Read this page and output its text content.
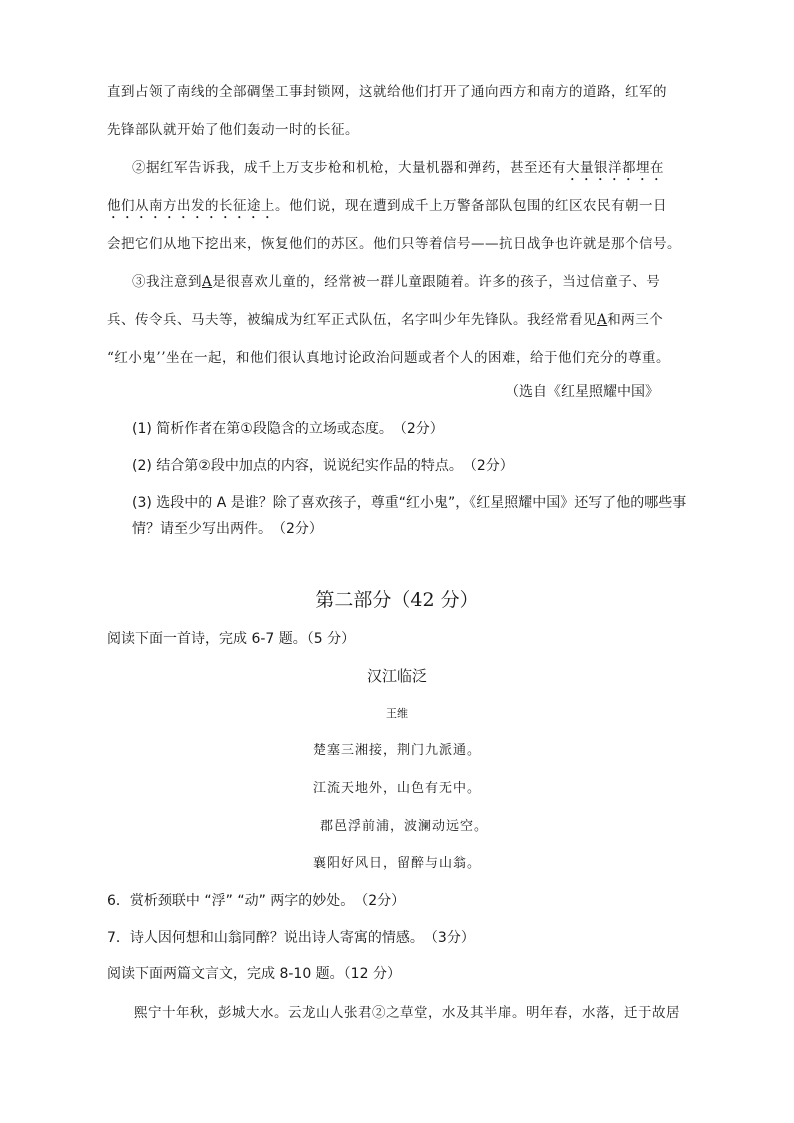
直到占领了南线的全部碉堡工事封锁网，这就给他们打开了通向西方和南方的道路，红军的
先锋部队就开始了他们轰动一时的长征。
②据红军告诉我，成千上万支步枪和机枪，大量机器和弹药，甚至还有大量银洋都埋在
他们从南方出发的长征途上。他们说，现在遭到成千上万警备部队包围的红区农民有朝一日
会把它们从地下挖出来，恢复他们的苏区。他们只等着信号——抗日战争也许就是那个信号。
③我注意到A是很喜欢儿童的，经常被一群儿童跟随着。许多的孩子，当过信童子、号
兵、传令兵、马夫等，被编成为红军正式队伍，名字叫少年先锋队。我经常看见A和两三个
“红小鬼’’坐在一起，和他们很认真地讨论政治问题或者个人的困难，给于他们充分的尊重。
（选自《红星照耀中国》
(1) 简析作者在第①段隐含的立场或态度。　（2分）
(2) 结合第②段中加点的内容，说说纪实作品的特点。　（2分）
(3) 选段中的 A 是谁？除了喜欢孩子，尊重“红小鬼”，《红星照耀中国》还写了他的哪些事
情？请至少写出两件。　（2分）
第二部分（42 分）
阅读下面一首诗，完成 6-7 题。（5 分）
汉江临泛
王维
楚塞三湘接，荆门九派通。
江流天地外，山色有无中。
郡邑浮前浦，波澜动远空。
襄阳好风日，留醉与山翁。
6．赏析颈联中 “浮” “动” 两字的妙处。　（2分）
7．诗人因何想和山翁同醉？说出诗人寄寓的情感。　（3分）
阅读下面两篇文言文，完成 8-10 题。（12 分）
熙宁十年秋，彭城大水。云龙山人张君②之草堂，水及其半扉。明年春，水落，迁于故居
